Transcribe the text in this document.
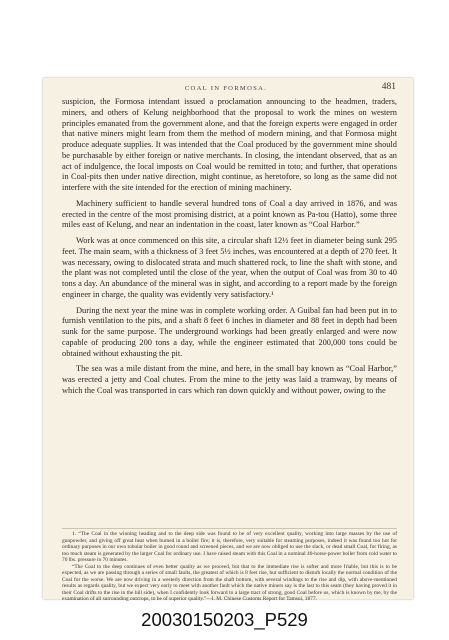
COAL IN FORMOSA.	481

suspicion, the Formosa intendant issued a proclamation announcing to the headmen, traders, miners, and others of Kelung neighborhood that the proposal to work the mines on western principles emanated from the government alone, and that the foreign experts were engaged in order that native miners might learn from them the method of modern mining, and that Formosa might produce adequate supplies. It was intended that the Coal produced by the government mine should be purchasable by either foreign or native merchants. In closing, the intendant observed, that as an act of indulgence, the local imposts on Coal would be remitted in toto; and further, that operations in Coal-pits then under native direction, might continue, as heretofore, so long as the same did not interfere with the site intended for the erection of mining machinery.

Machinery sufficient to handle several hundred tons of Coal a day arrived in 1876, and was erected in the centre of the most promising district, at a point known as Pa-tou (Hatto), some three miles east of Kelung, and near an indentation in the coast, later known as “Coal Harbor.”

Work was at once commenced on this site, a circular shaft 12½ feet in diameter being sunk 295 feet. The main seam, with a thickness of 3 feet 5½ inches, was encountered at a depth of 270 feet. It was necessary, owing to dislocated strata and much shattered rock, to line the shaft with stone, and the plant was not completed until the close of the year, when the output of Coal was from 30 to 40 tons a day. An abundance of the mineral was in sight, and according to a report made by the foreign engineer in charge, the quality was evidently very satisfactory.¹

During the next year the mine was in complete working order. A Guibal fan had been put in to furnish ventilation to the pits, and a shaft 8 feet 6 inches in diameter and 88 feet in depth had been sunk for the same purpose. The underground workings had been greatly enlarged and were now capable of producing 200 tons a day, while the engineer estimated that 200,000 tons could be obtained without exhausting the pit.

The sea was a mile distant from the mine, and here, in the small bay known as “Coal Harbor,” was erected a jetty and Coal chutes. From the mine to the jetty was laid a tramway, by means of which the Coal was transported in cars which ran down quickly and without power, owing to the

1. “The Coal in the winning heading and to the deep side was found to be of very excellent quality, working into large masses by the use of gunpowder, and giving off great heat when burned in a boiler fire; it is, therefore, very suitable for steaming purposes, indeed it was found too hot for ordinary purposes in our own tubular boiler in good round and screened pieces, and we are now obliged to use the slack, or dead small Coal, for firing, as too much steam is generated by the larger Coal for ordinary use. I have raised steam with this Coal in a nominal 40-horse-power boiler from cold water to 70 lbs. pressure in 70 minutes.

“The Coal to the deep continues of even better quality as we proceed, but that to the immediate rise is softer and more friable, but this is to be expected, as we are passing through a series of small faults, the greatest of which is 8 feet rise, but sufficient to disturb locally the normal condition of the Coal for the worse. We are now driving in a westerly direction from the shaft bottom, with several windings to the rise and dip, with above-mentioned results as regards quality, but we expect very early to meet with another fault which the native miners say is the last to this seam (they having proved it in their Coal drifts to the rise in the hill side), when I confidently look forward to a large tract of strong, good Coal before us, which is known by me, by the examination of all surrounding outcrops, to be of superior quality.”—I. M. Chinese Customs Report for Tamsui, 1877.

20030150203_P529
